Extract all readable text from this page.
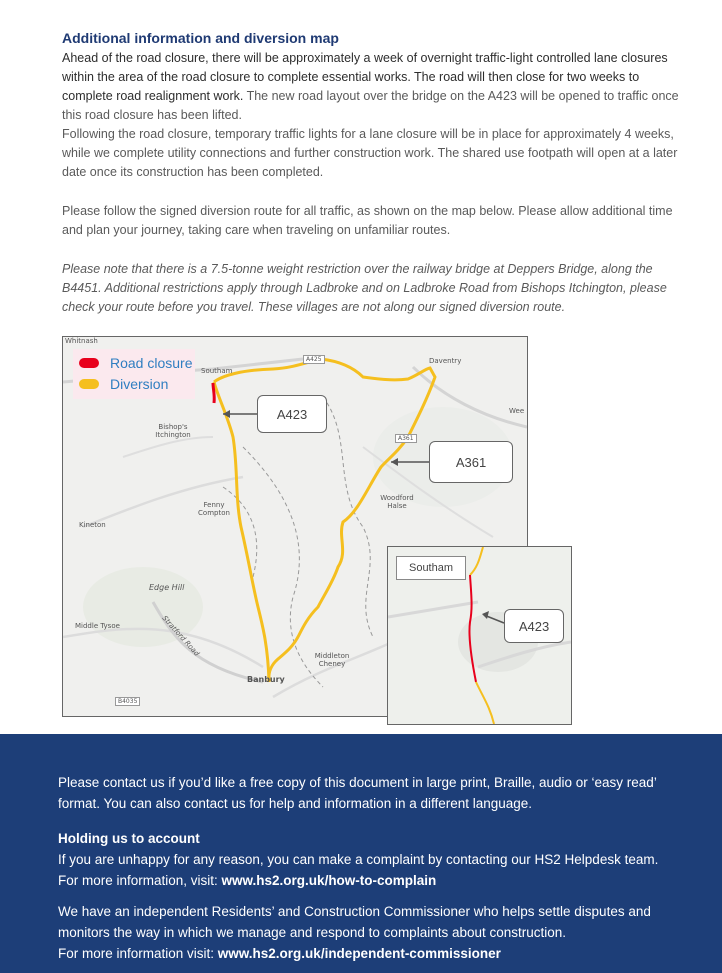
Additional information and diversion map

Ahead of the road closure, there will be approximately a week of overnight traffic-light controlled lane closures within the area of the road closure to complete essential works. The road will then close for two weeks to complete road realignment work. The new road layout over the bridge on the A423 will be opened to traffic once this road closure has been lifted.

Following the road closure, temporary traffic lights for a lane closure will be in place for approximately 4 weeks, while we complete utility connections and further construction work. The shared use footpath will open at a later date once its construction has been completed.

Please follow the signed diversion route for all traffic, as shown on the map below. Please allow additional time and plan your journey, taking care when traveling on unfamiliar routes.

Please note that there is a 7.5-tonne weight restriction over the railway bridge at Deppers Bridge, along the B4451. Additional restrictions apply through Ladbroke and on Ladbroke Road from Bishops Itchington, please check your route before you travel. These villages are not along our signed diversion route.

Road closure
Diversion
A423
A361
Whitnash
Southam
Daventry
Bishop's Itchington
Fenny Compton
Woodford Halse
Kineton
Edge Hill
Middle Tysoe	Stratford Road	Middleton Cheney
Banbury
Wee
A425
A361
B4035
Southam
A423

Please contact us if you’d like a free copy of this document in large print, Braille, audio or ‘easy read’ format. You can also contact us for help and information in a different language.

Holding us to account

If you are unhappy for any reason, you can make a complaint by contacting our HS2 Helpdesk team.

For more information, visit: www.hs2.org.uk/how-to-complain

We have an independent Residents’ and Construction Commissioner who helps settle disputes and monitors the way in which we manage and respond to complaints about construction.

For more information visit: www.hs2.org.uk/independent-commissioner
